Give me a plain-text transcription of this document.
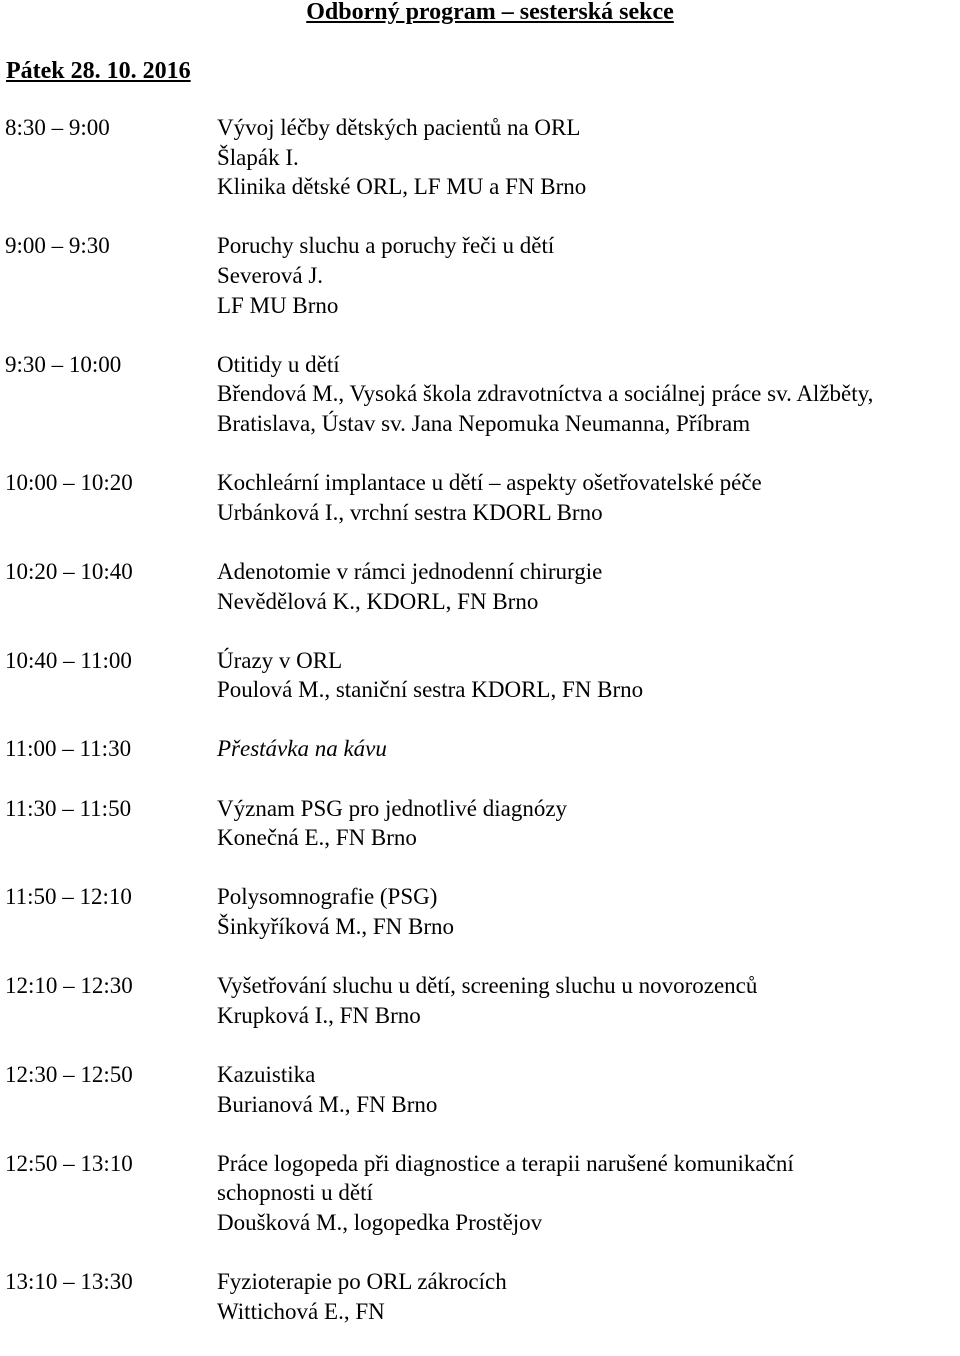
Odborný program – sesterská sekce
Pátek 28. 10. 2016
8:30 – 9:00	Vývoj léčby dětských pacientů na ORL
Šlapák I.
Klinika dětské ORL, LF MU a FN Brno
9:00 – 9:30	Poruchy sluchu a poruchy řeči u dětí
Severová J.
LF MU Brno
9:30 – 10:00	Otitidy u dětí
Břendová M., Vysoká škola zdravotníctva a sociálnej práce sv. Alžběty,
Bratislava, Ústav sv. Jana Nepomuka Neumanna, Příbram
10:00 – 10:20	Kochleární implantace u dětí – aspekty ošetřovatelské péče
Urbánková I., vrchní sestra KDORL Brno
10:20 – 10:40	Adenotomie v rámci jednodenní chirurgie
Nevědělová K., KDORL, FN Brno
10:40 – 11:00	Úrazy v ORL
Poulová M., staniční sestra KDORL, FN Brno
11:00 – 11:30	Přestávka na kávu
11:30 – 11:50	Význam PSG pro jednotlivé diagnózy
Konečná E., FN Brno
11:50 – 12:10	Polysomnografie (PSG)
Šinkyříková M., FN Brno
12:10 – 12:30	Vyšetřování sluchu u dětí, screening sluchu u novorozenců
Krupková I., FN Brno
12:30 – 12:50	Kazuistika
Burianová M., FN Brno
12:50 – 13:10	Práce logopeda při diagnostice a terapii narušené komunikační
schopnosti u dětí
Doušková M., logopedka Prostějov
13:10 – 13:30	Fyzioterapie po ORL zákrocích
Wittichová E., FN
